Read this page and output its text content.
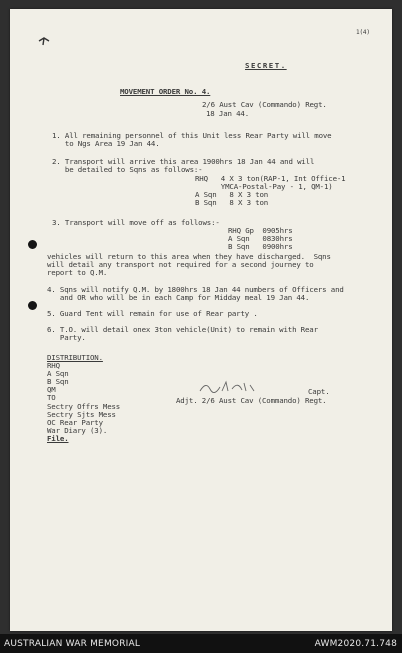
1(4)
SECRET.
MOVEMENT ORDER No. 4.
2/6 Aust Cav (Commando) Regt.
18 Jan 44.
1. All remaining personnel of this Unit less Rear Party will move
to Ngs Area 19 Jan 44.
2. Transport will arrive this area 1900hrs 18 Jan 44 and will
be detailed to Sqns as follows:-
RHQ   4 X 3 ton(RAP-1, Int Office-1
YMCA-Postal-Pay - 1, QM-1)
A Sqn   8 X 3 ton
B Sqn   8 X 3 ton
3. Transport will move off as follows:-
RHQ Gp  0905hrs
A Sqn   0830hrs
B Sqn   0900hrs
vehicles will return to this area when they have discharged.  Sqns
will detail any transport not required for a second journey to
report to Q.M.
4. Sqns will notify Q.M. by 1800hrs 18 Jan 44 numbers of Officers and
and OR who will be in each Camp for Midday meal 19 Jan 44.
5. Guard Tent will remain for use of Rear party .
6. T.O. will detail onex 3ton vehicle(Unit) to remain with Rear
Party.
DISTRIBUTION.
RHQ
A Sqn
B Sqn
QM
TO
Sectry Offrs Mess
Sectry Sjts Mess
OC Rear Party
War Diary (3).
File.
Capt.
Adjt. 2/6 Aust Cav (Commando) Regt.
AUSTRALIAN WAR MEMORIAL	AWM2020.71.748
